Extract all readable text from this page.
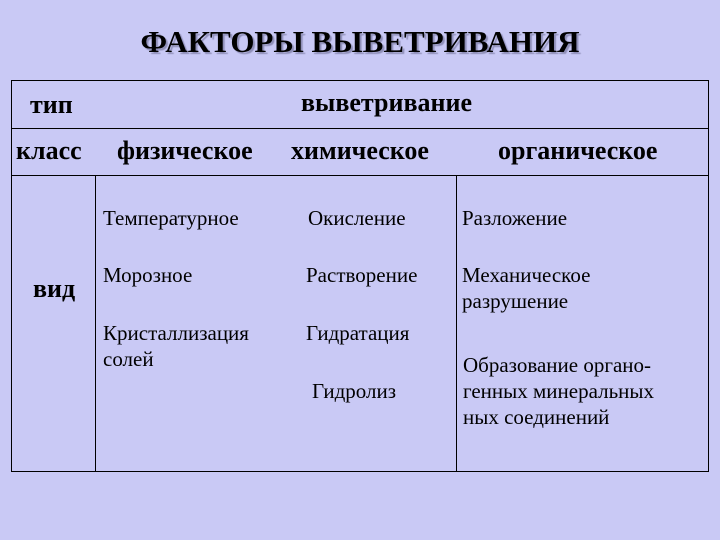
ФАКТОРЫ ВЫВЕТРИВАНИЯ
тип	выветривание
класс физическое химическое	органическое
вид
Температурное
Морозное
Кристаллизация
солей
Окисление
Растворение
Гидратация
Гидролиз
Разложение
Механическое
разрушение
Образование органо-
генных минеральных
ных соединений
